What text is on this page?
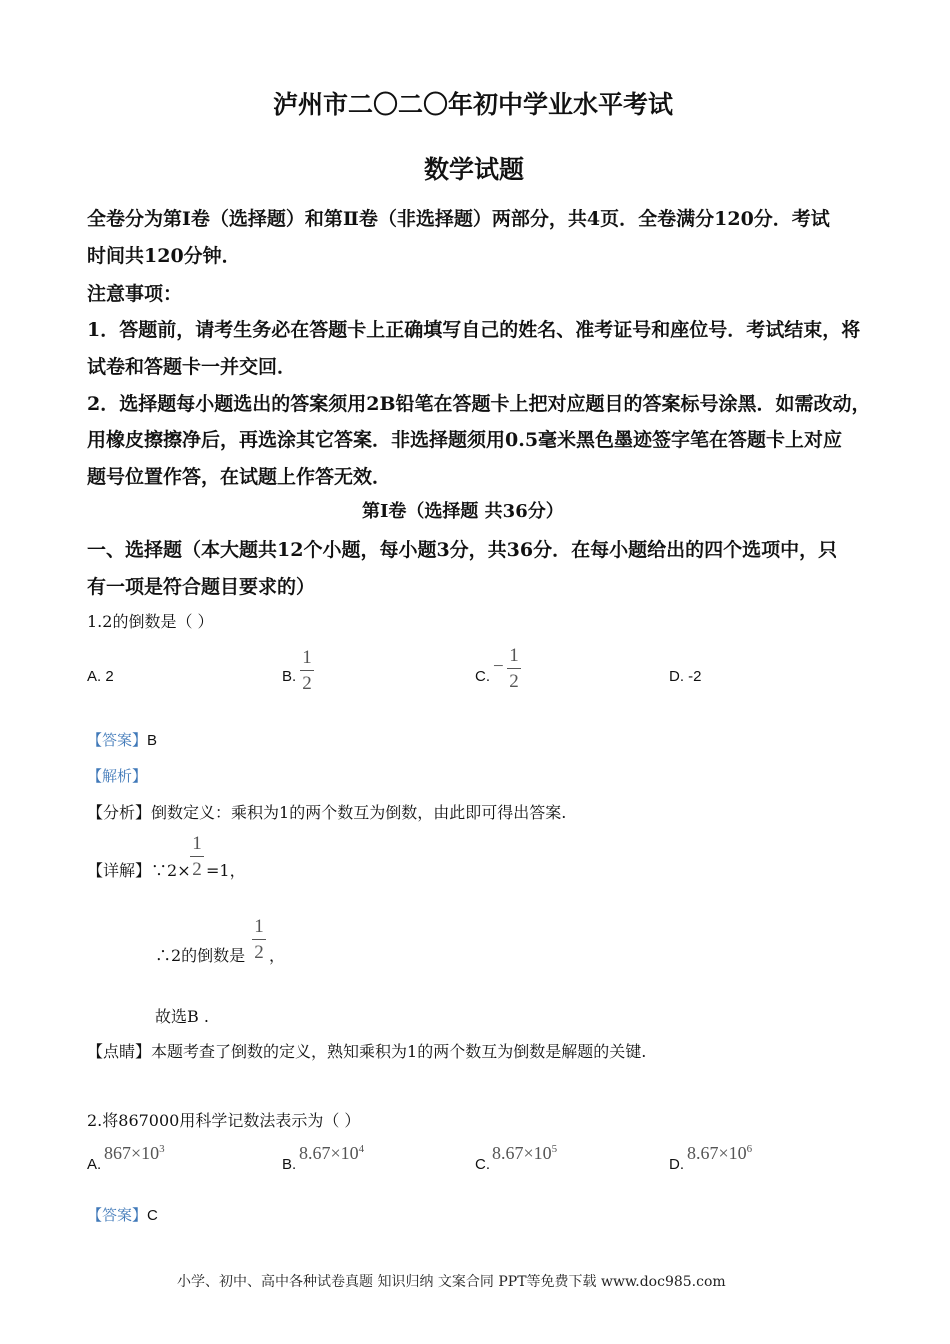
泸州市二〇二〇年初中学业水平考试
数学试题
全卷分为第Ⅰ卷（选择题）和第Ⅱ卷（非选择题）两部分，共4页．全卷满分120分．考试
时间共120分钟．
注意事项：
1．答题前，请考生务必在答题卡上正确填写自己的姓名、准考证号和座位号．考试结束，将
试卷和答题卡一并交回．
2．选择题每小题选出的答案须用2B铅笔在答题卡上把对应题目的答案标号涂黑．如需改动，
用橡皮擦擦净后，再选涂其它答案．非选择题须用0.5毫米黑色墨迹签字笔在答题卡上对应
题号位置作答，在试题上作答无效．
第Ⅰ卷（选择题 共36分）
一、选择题（本大题共12个小题，每小题3分，共36分．在每小题给出的四个选项中，只
有一项是符合题目要求的）
1.2的倒数是（ ）
A. 2	B.
1
2	C. −
1
2	D. -2
【答案】B
【解析】
【分析】倒数定义：乘积为1的两个数互为倒数，由此即可得出答案.
【详解】∵2×
1
2 =1，
∴2的倒数是
1
2 ，
故选B .
【点睛】本题考查了倒数的定义，熟知乘积为1的两个数互为倒数是解题的关键.
2.将867000用科学记数法表示为（ ）
A.
$867\times 10^3$
B.
$8.67\times 10^4$
C.
$8.67\times 10^5$
D.
$8.67\times 10^6$
【答案】C
小学、初中、高中各种试卷真题 知识归纳 文案合同 PPT等免费下载 www.doc985.com
